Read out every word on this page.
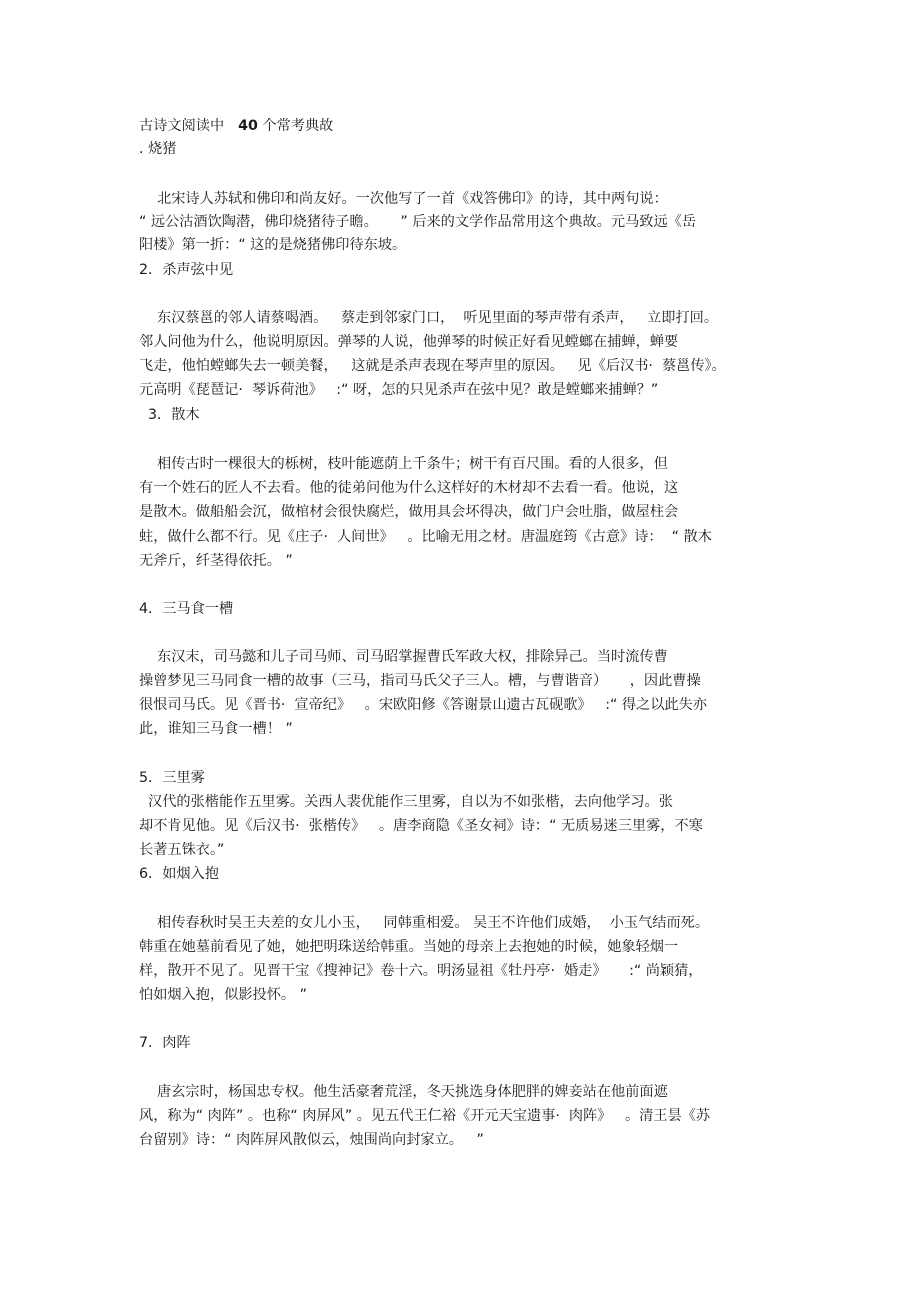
古诗文阅读中 40 个常考典故

. 烧猪

北宋诗人苏轼和佛印和尚友好。一次他写了一首《戏答佛印》的诗，其中两句说：

“ 远公沽酒饮陶潜，佛印烧猪待子瞻。     ” 后来的文学作品常用这个典故。元马致远《岳

阳楼》第一折：“ 这的是烧猪佛印待东坡。

2．杀声弦中见

东汉蔡邕的邻人请蔡喝酒。   蔡走到邻家门口，  听见里面的琴声带有杀声，   立即打回。

邻人问他为什么，他说明原因。弹琴的人说，他弹琴的时候正好看见螳螂在捕蝉，蝉要

飞走，他怕螳螂失去一顿美餐，   这就是杀声表现在琴声里的原因。   见《后汉书·  蔡邕传》。

元高明《琵琶记·  琴诉荷池》   :“ 呀，怎的只见杀声在弦中见？敢是螳螂来捕蝉？”

3．散木

相传古时一棵很大的栎树，枝叶能遮荫上千条牛；树干有百尺围。看的人很多，但

有一个姓石的匠人不去看。他的徒弟问他为什么这样好的木材却不去看一看。他说，这

是散木。做船船会沉，做棺材会很快腐烂，做用具会坏得决，做门户会吐脂，做屋柱会

蛀，做什么都不行。见《庄子·  人间世》   。比喻无用之材。唐温庭筠《古意》诗：  “ 散木

无斧斤，纤茎得依托。 ”

4．三马食一槽

东汉末，司马懿和儿子司马师、司马昭掌握曹氏军政大权，排除异己。当时流传曹

操曾梦见三马同食一槽的故事（三马，指司马氏父子三人。槽，与曹谐音）     ，因此曹操

很恨司马氏。见《晋书·  宣帝纪》   。宋欧阳修《答谢景山遗古瓦砚歌》   :“ 得之以此失亦

此，谁知三马食一槽！ ”

5．三里雾

汉代的张楷能作五里雾。关西人裴优能作三里雾，自以为不如张楷，去向他学习。张

却不肯见他。见《后汉书·  张楷传》   。唐李商隐《圣女祠》诗：“ 无质易迷三里雾，不寒

长著五铢衣。”

6．如烟入抱

相传春秋时吴王夫差的女儿小玉，   同韩重相爱。 吴王不许他们成婚，  小玉气结而死。

韩重在她墓前看见了她，她把明珠送给韩重。当她的母亲上去抱她的时候，她象轻烟一

样，散开不见了。见晋干宝《搜神记》卷十六。明汤显祖《牡丹亭·  婚走》     :“ 尚颖猜，

怕如烟入抱，似影投怀。 ”

7．肉阵

唐玄宗时，杨国忠专权。他生活豪奢荒淫，冬天挑选身体肥胖的婢妾站在他前面遮

风，称为“ 肉阵” 。也称“ 肉屏风” 。见五代王仁裕《开元天宝遗事·  肉阵》   。清王昙《苏

台留别》诗：“ 肉阵屏风散似云，烛围尚向封家立。   ”
